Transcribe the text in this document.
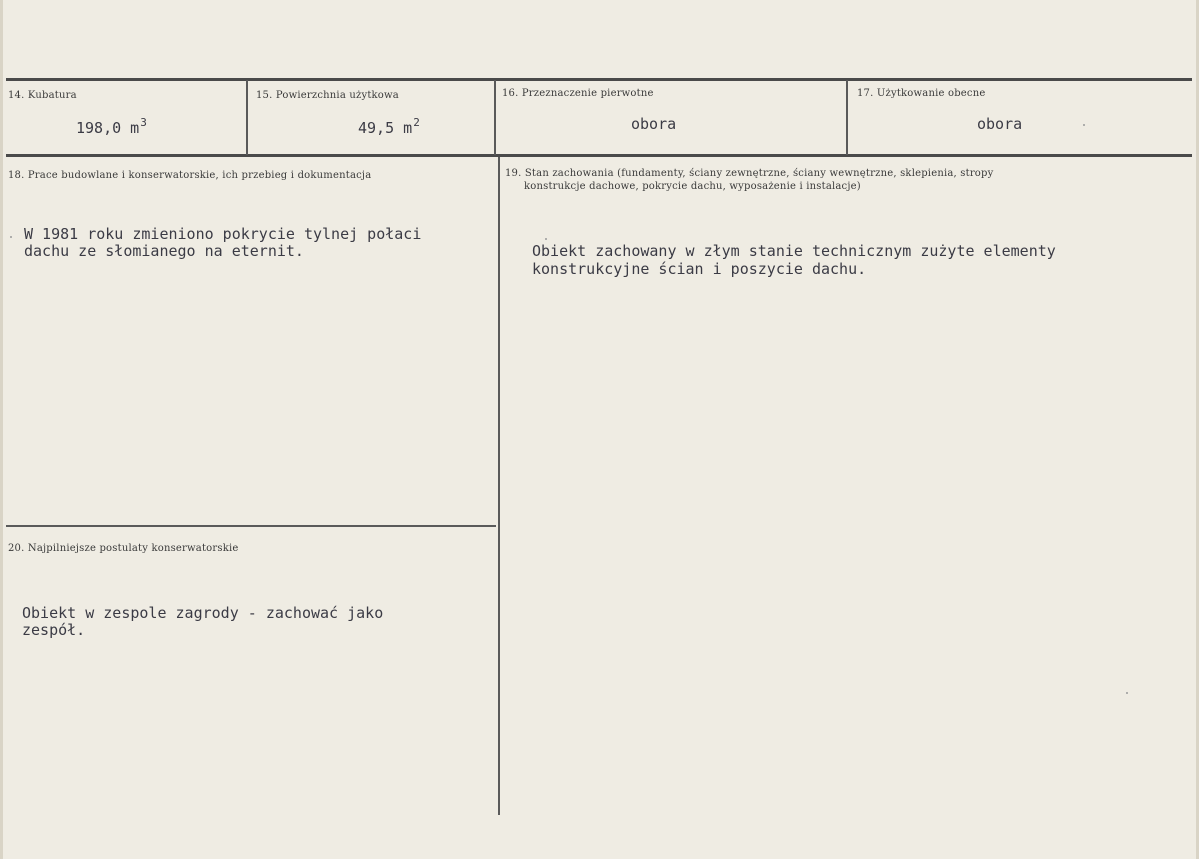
14. Kubatura
198,0 $m^3$
15. Powierzchnia użytkowa
49,5 $m^2$
16. Przeznaczenie pierwotne
obora
17. Użytkowanie obecne
obora
18. Prace budowlane i konserwatorskie, ich przebieg i dokumentacja
W 1981 roku zmieniono pokrycie tylnej połaci
dachu ze słomianego na eternit.
19. Stan zachowania (fundamenty, ściany zewnętrzne, ściany wewnętrzne, sklepienia, stropy
konstrukcje dachowe, pokrycie dachu, wyposażenie i instalacje)
Obiekt zachowany w złym stanie technicznym zużyte elementy
konstrukcyjne ścian i poszycie dachu.
20. Najpilniejsze postulaty konserwatorskie
Obiekt w zespole zagrody - zachować jako
zespół.
